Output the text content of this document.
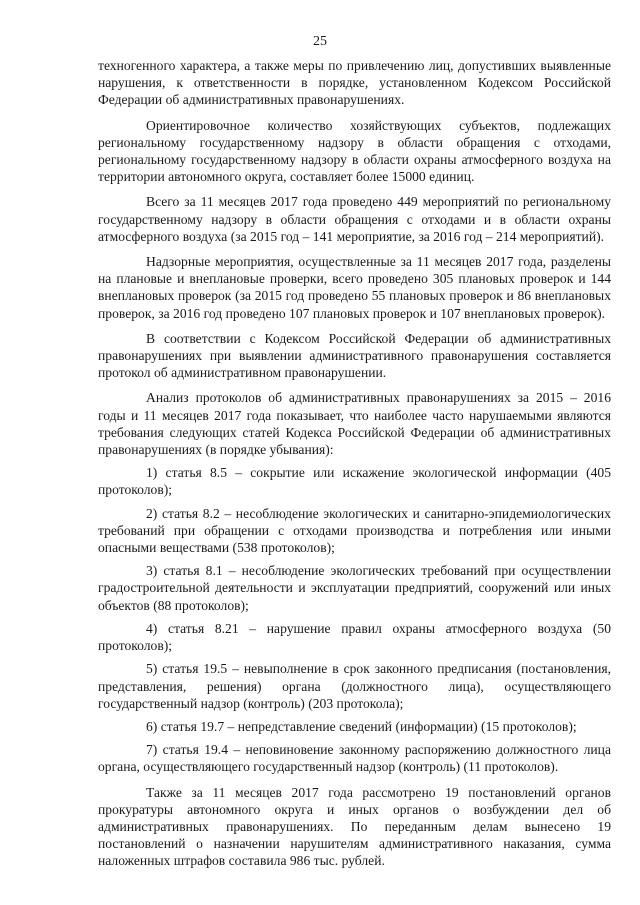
25

техногенного характера, а также меры по привлечению лиц, допустивших выявленные нарушения, к ответственности в порядке, установленном Кодексом Российской Федерации об административных правонарушениях.

Ориентировочное количество хозяйствующих субъектов, подлежащих региональному государственному надзору в области обращения с отходами, региональному государственному надзору в области охраны атмосферного воздуха на территории автономного округа, составляет более 15000 единиц.

Всего за 11 месяцев 2017 года проведено 449 мероприятий по региональному государственному надзору в области обращения с отходами и в области охраны атмосферного воздуха (за 2015 год – 141 мероприятие, за 2016 год – 214 мероприятий).

Надзорные мероприятия, осуществленные за 11 месяцев 2017 года, разделены на плановые и внеплановые проверки, всего проведено 305 плановых проверок и 144 внеплановых проверок (за 2015 год проведено 55 плановых проверок и 86 внеплановых проверок, за 2016 год проведено 107 плановых проверок и 107 внеплановых проверок).

В соответствии с Кодексом Российской Федерации об административных правонарушениях при выявлении административного правонарушения составляется протокол об административном правонарушении.

Анализ протоколов об административных правонарушениях за 2015 – 2016 годы и 11 месяцев 2017 года показывает, что наиболее часто нарушаемыми являются требования следующих статей Кодекса Российской Федерации об административных правонарушениях (в порядке убывания):

1) статья 8.5 – сокрытие или искажение экологической информации (405 протоколов);

2) статья 8.2 – несоблюдение экологических и санитарно-эпидемиологических требований при обращении с отходами производства и потребления или иными опасными веществами (538 протоколов);

3) статья 8.1 – несоблюдение экологических требований при осуществлении градостроительной деятельности и эксплуатации предприятий, сооружений или иных объектов (88 протоколов);

4) статья 8.21 – нарушение правил охраны атмосферного воздуха (50 протоколов);

5) статья 19.5 – невыполнение в срок законного предписания (постановления, представления, решения) органа (должностного лица), осуществляющего государственный надзор (контроль) (203 протокола);

6) статья 19.7 – непредставление сведений (информации) (15 протоколов);

7) статья 19.4 – неповиновение законному распоряжению должностного лица органа, осуществляющего государственный надзор (контроль) (11 протоколов).

Также за 11 месяцев 2017 года рассмотрено 19 постановлений органов прокуратуры автономного округа и иных органов о возбуждении дел об административных правонарушениях. По переданным делам вынесено 19 постановлений о назначении нарушителям административного наказания, сумма наложенных штрафов составила 986 тыс. рублей.
